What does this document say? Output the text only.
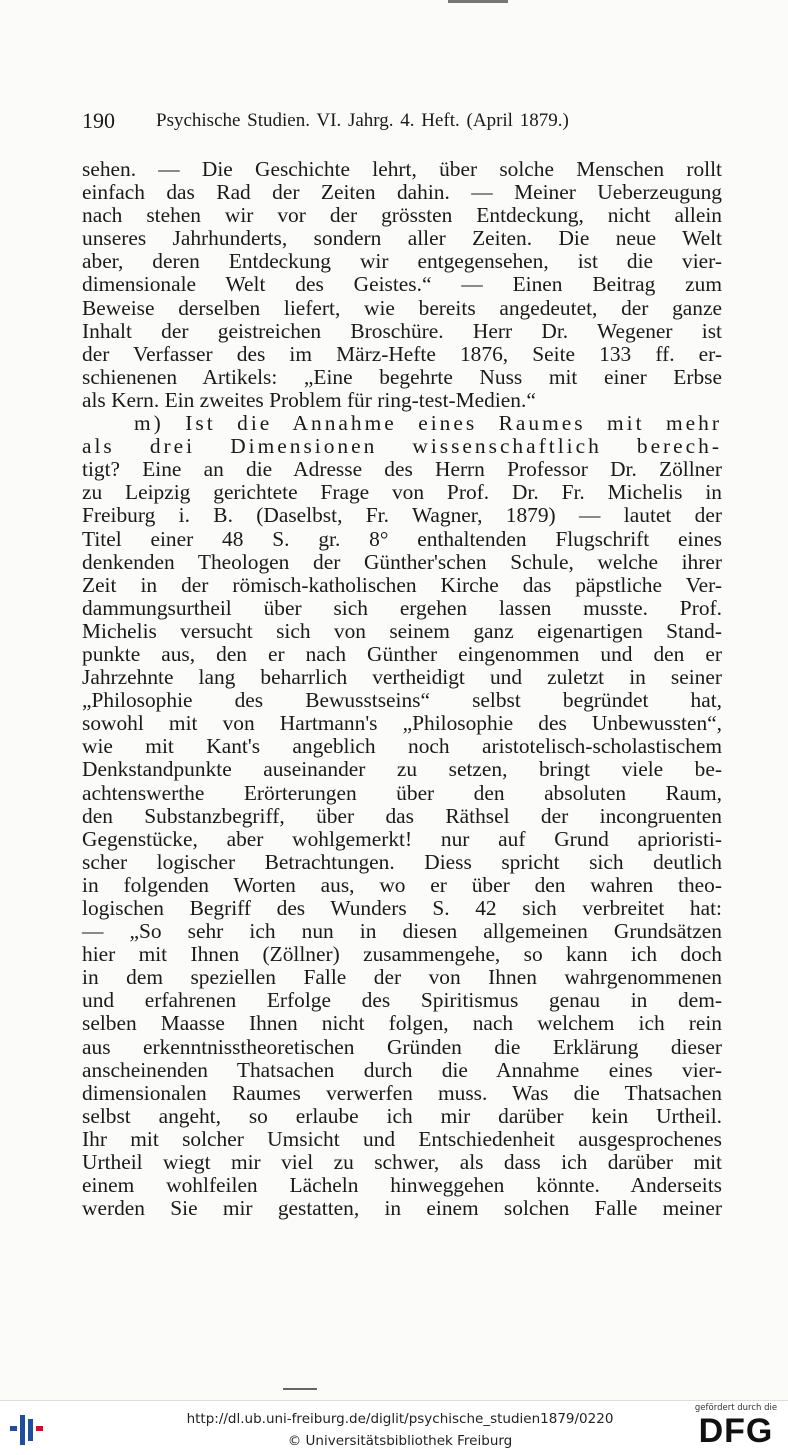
190 Psychische Studien. VI. Jahrg. 4. Heft. (April 1879.)
sehen. — Die Geschichte lehrt, über solche Menschen rollt
einfach das Rad der Zeiten dahin. — Meiner Ueberzeugung
nach stehen wir vor der grössten Entdeckung, nicht allein
unseres Jahrhunderts, sondern aller Zeiten. Die neue Welt
aber, deren Entdeckung wir entgegensehen, ist die vier-
dimensionale Welt des Geistes.“ — Einen Beitrag zum
Beweise derselben liefert, wie bereits angedeutet, der ganze
Inhalt der geistreichen Broschüre. Herr Dr. Wegener ist
der Verfasser des im März-Hefte 1876, Seite 133 ff. er-
schienenen Artikels: „Eine begehrte Nuss mit einer Erbse
als Kern. Ein zweites Problem für ring-test-Medien.“
m) Ist die Annahme eines Raumes mit mehr
als drei Dimensionen wissenschaftlich berech-
tigt? Eine an die Adresse des Herrn Professor Dr. Zöllner
zu Leipzig gerichtete Frage von Prof. Dr. Fr. Michelis in
Freiburg i. B. (Daselbst, Fr. Wagner, 1879) — lautet der
Titel einer 48 S. gr. 8° enthaltenden Flugschrift eines
denkenden Theologen der Günther'schen Schule, welche ihrer
Zeit in der römisch-katholischen Kirche das päpstliche Ver-
dammungsurtheil über sich ergehen lassen musste. Prof.
Michelis versucht sich von seinem ganz eigenartigen Stand-
punkte aus, den er nach Günther eingenommen und den er
Jahrzehnte lang beharrlich vertheidigt und zuletzt in seiner
„Philosophie des Bewusstseins“ selbst begründet hat,
sowohl mit von Hartmann's „Philosophie des Unbewussten“,
wie mit Kant's angeblich noch aristotelisch-scholastischem
Denkstandpunkte auseinander zu setzen, bringt viele be-
achtenswerthe Erörterungen über den absoluten Raum,
den Substanzbegriff, über das Räthsel der incongruenten
Gegenstücke, aber wohlgemerkt! nur auf Grund aprioristi-
scher logischer Betrachtungen. Diess spricht sich deutlich
in folgenden Worten aus, wo er über den wahren theo-
logischen Begriff des Wunders S. 42 sich verbreitet hat:
— „So sehr ich nun in diesen allgemeinen Grundsätzen
hier mit Ihnen (Zöllner) zusammengehe, so kann ich doch
in dem speziellen Falle der von Ihnen wahrgenommenen
und erfahrenen Erfolge des Spiritismus genau in dem-
selben Maasse Ihnen nicht folgen, nach welchem ich rein
aus erkenntnisstheoretischen Gründen die Erklärung dieser
anscheinenden Thatsachen durch die Annahme eines vier-
dimensionalen Raumes verwerfen muss. Was die Thatsachen
selbst angeht, so erlaube ich mir darüber kein Urtheil.
Ihr mit solcher Umsicht und Entschiedenheit ausgesprochenes
Urtheil wiegt mir viel zu schwer, als dass ich darüber mit
einem wohlfeilen Lächeln hinweggehen könnte. Anderseits
werden Sie mir gestatten, in einem solchen Falle meiner
http://dl.ub.uni-freiburg.de/diglit/psychische_studien1879/0220
© Universitätsbibliothek Freiburg
gefördert durch die
DFG
